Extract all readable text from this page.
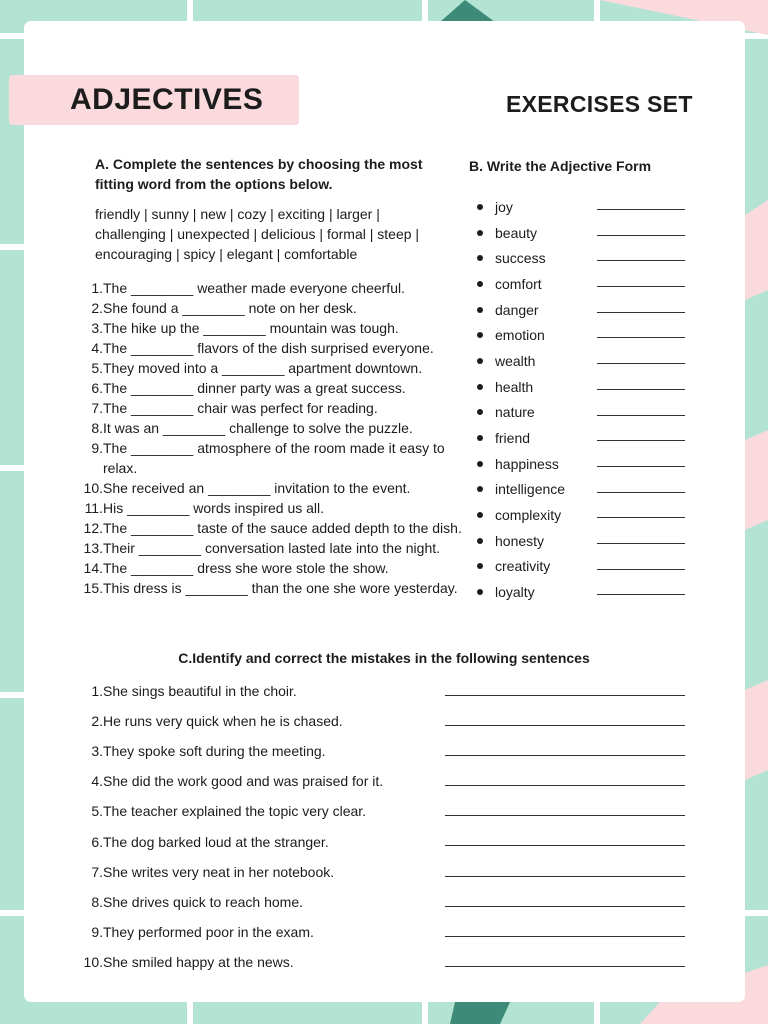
ADJECTIVES	EXERCISES SET
A. Complete the sentences by choosing the most fitting word from the options below.

friendly | sunny | new | cozy | exciting | larger | challenging | unexpected | delicious | formal | steep | encouraging | spicy | elegant | comfortable

1. The ________ weather made everyone cheerful.
2. She found a ________ note on her desk.
3. The hike up the ________ mountain was tough.
4. The ________ flavors of the dish surprised everyone.
5. They moved into a ________ apartment downtown.
6. The ________ dinner party was a great success.
7. The ________ chair was perfect for reading.
8. It was an ________ challenge to solve the puzzle.
9. The ________ atmosphere of the room made it easy to relax.
10. She received an ________ invitation to the event.
11. His ________ words inspired us all.
12. The ________ taste of the sauce added depth to the dish.
13. Their ________ conversation lasted late into the night.
14. The ________ dress she wore stole the show.
15. This dress is ________ than the one she wore yesterday.
B. Write the Adjective Form
joy
beauty
success
comfort
danger
emotion
wealth
health
nature
friend
happiness
intelligence
complexity
honesty
creativity
loyalty
C.Identify and correct the mistakes in the following sentences
1. She sings beautiful in the choir.
2. He runs very quick when he is chased.
3. They spoke soft during the meeting.
4. She did the work good and was praised for it.
5. The teacher explained the topic very clear.
6. The dog barked loud at the stranger.
7. She writes very neat in her notebook.
8. She drives quick to reach home.
9. They performed poor in the exam.
10. She smiled happy at the news.
